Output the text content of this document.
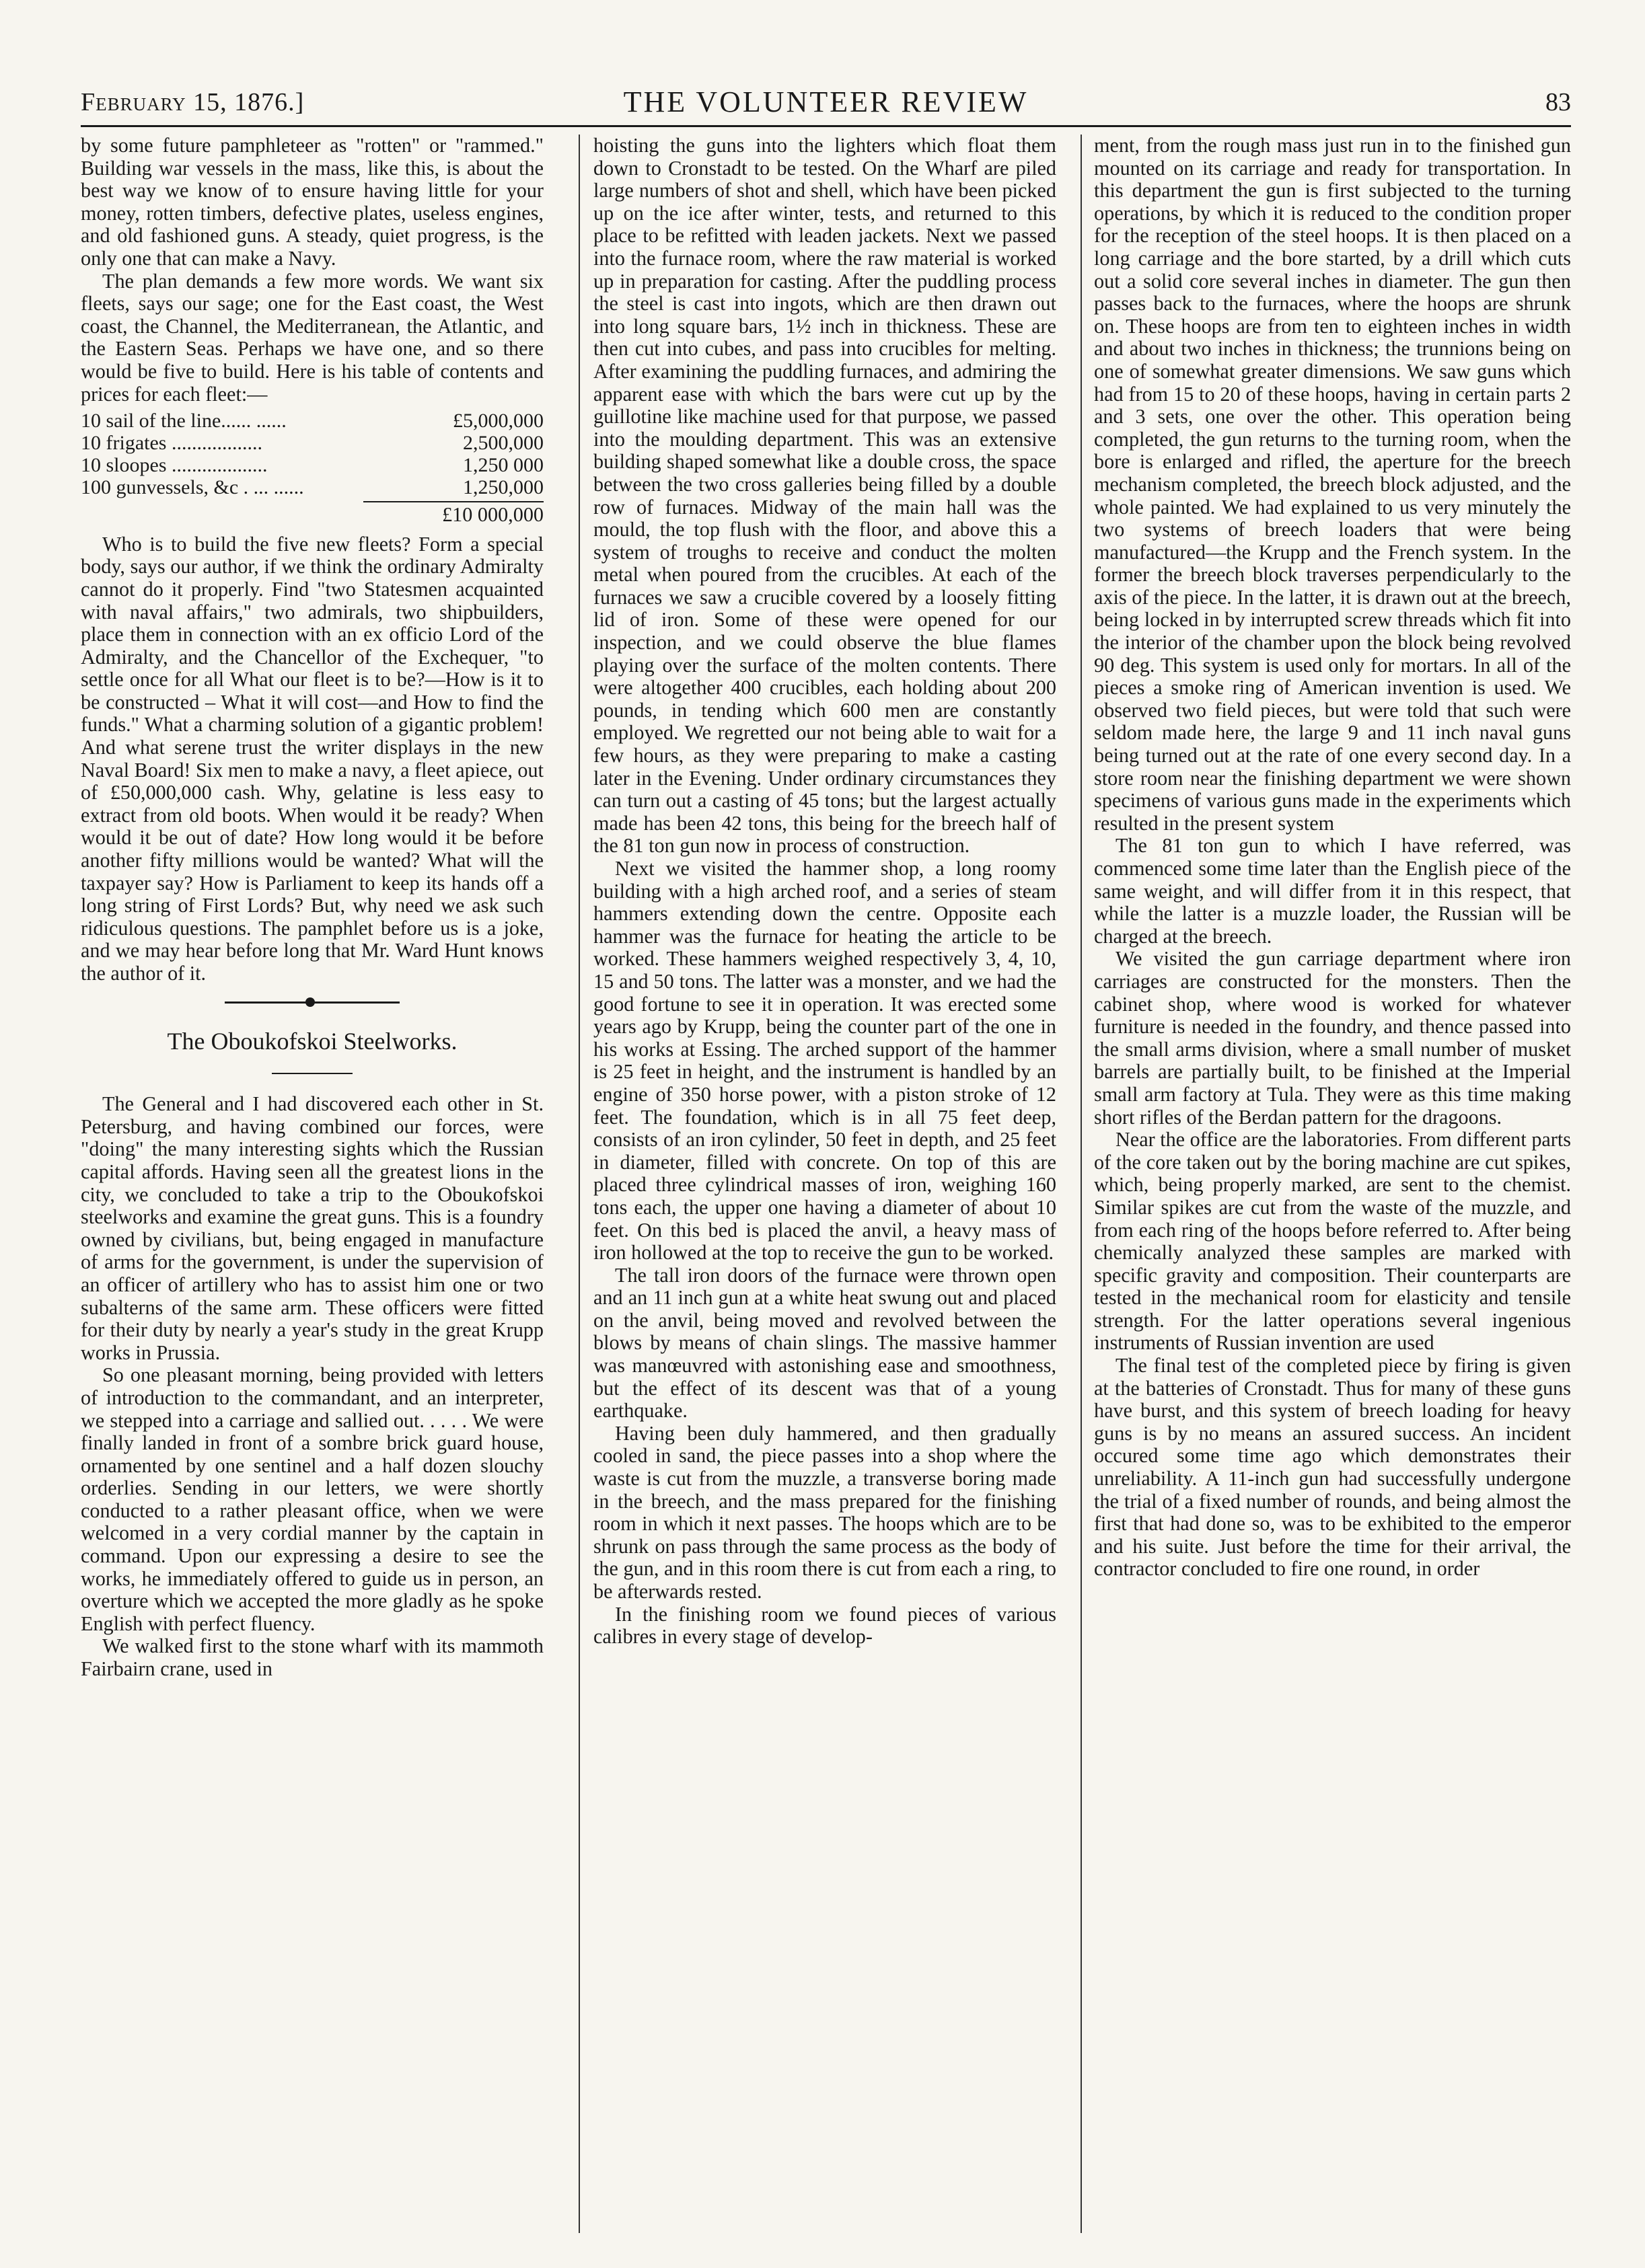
February 15, 1876.]	THE VOLUNTEER REVIEW	83

by some future pamphleteer as "rotten" or "rammed." Building war vessels in the mass, like this, is about the best way we know of to ensure having little for your money, rotten timbers, defective plates, useless engines, and old fashioned guns. A steady, quiet progress, is the only one that can make a Navy.

The plan demands a few more words. We want six fleets, says our sage; one for the East coast, the West coast, the Channel, the Mediterranean, the Atlantic, and the Eastern Seas. Perhaps we have one, and so there would be five to build. Here is his table of contents and prices for each fleet:—

10 sail of the line...... ......	£5,000,000
10 frigates ..................	2,500,000
10 sloopes ...................	1,250 000
100 gunvessels, &c . ... ......	1,250,000
£10 000,000

Who is to build the five new fleets? Form a special body, says our author, if we think the ordinary Admiralty cannot do it properly. Find "two Statesmen acquainted with naval affairs," two admirals, two shipbuilders, place them in connection with an ex officio Lord of the Admiralty, and the Chancellor of the Exchequer, "to settle once for all What our fleet is to be?—How is it to be constructed – What it will cost—and How to find the funds." What a charming solution of a gigantic problem! And what serene trust the writer displays in the new Naval Board! Six men to make a navy, a fleet apiece, out of £50,000,000 cash. Why, gelatine is less easy to extract from old boots. When would it be ready? When would it be out of date? How long would it be before another fifty millions would be wanted? What will the taxpayer say? How is Parliament to keep its hands off a long string of First Lords? But, why need we ask such ridiculous questions. The pamphlet before us is a joke, and we may hear before long that Mr. Ward Hunt knows the author of it.

The Oboukofskoi Steelworks.

The General and I had discovered each other in St. Petersburg, and having combined our forces, were "doing" the many interesting sights which the Russian capital affords. Having seen all the greatest lions in the city, we concluded to take a trip to the Oboukofskoi steelworks and examine the great guns. This is a foundry owned by civilians, but, being engaged in manufacture of arms for the government, is under the supervision of an officer of artillery who has to assist him one or two subalterns of the same arm. These officers were fitted for their duty by nearly a year's study in the great Krupp works in Prussia.

So one pleasant morning, being provided with letters of introduction to the commandant, and an interpreter, we stepped into a carriage and sallied out. . . . . We were finally landed in front of a sombre brick guard house, ornamented by one sentinel and a half dozen slouchy orderlies. Sending in our letters, we were shortly conducted to a rather pleasant office, when we were welcomed in a very cordial manner by the captain in command. Upon our expressing a desire to see the works, he immediately offered to guide us in person, an overture which we accepted the more gladly as he spoke English with perfect fluency.

We walked first to the stone wharf with its mammoth Fairbairn crane, used in

hoisting the guns into the lighters which float them down to Cronstadt to be tested. On the Wharf are piled large numbers of shot and shell, which have been picked up on the ice after winter, tests, and returned to this place to be refitted with leaden jackets. Next we passed into the furnace room, where the raw material is worked up in preparation for casting. After the puddling process the steel is cast into ingots, which are then drawn out into long square bars, 1½ inch in thickness. These are then cut into cubes, and pass into crucibles for melting. After examining the puddling furnaces, and admiring the apparent ease with which the bars were cut up by the guillotine like machine used for that purpose, we passed into the moulding department. This was an extensive building shaped somewhat like a double cross, the space between the two cross galleries being filled by a double row of furnaces. Midway of the main hall was the mould, the top flush with the floor, and above this a system of troughs to receive and conduct the molten metal when poured from the crucibles. At each of the furnaces we saw a crucible covered by a loosely fitting lid of iron. Some of these were opened for our inspection, and we could observe the blue flames playing over the surface of the molten contents. There were altogether 400 crucibles, each holding about 200 pounds, in tending which 600 men are constantly employed. We regretted our not being able to wait for a few hours, as they were preparing to make a casting later in the Evening. Under ordinary circumstances they can turn out a casting of 45 tons; but the largest actually made has been 42 tons, this being for the breech half of the 81 ton gun now in process of construction.

Next we visited the hammer shop, a long roomy building with a high arched roof, and a series of steam hammers extending down the centre. Opposite each hammer was the furnace for heating the article to be worked. These hammers weighed respectively 3, 4, 10, 15 and 50 tons. The latter was a monster, and we had the good fortune to see it in operation. It was erected some years ago by Krupp, being the counter part of the one in his works at Essing. The arched support of the hammer is 25 feet in height, and the instrument is handled by an engine of 350 horse power, with a piston stroke of 12 feet. The foundation, which is in all 75 feet deep, consists of an iron cylinder, 50 feet in depth, and 25 feet in diameter, filled with concrete. On top of this are placed three cylindrical masses of iron, weighing 160 tons each, the upper one having a diameter of about 10 feet. On this bed is placed the anvil, a heavy mass of iron hollowed at the top to receive the gun to be worked.

The tall iron doors of the furnace were thrown open and an 11 inch gun at a white heat swung out and placed on the anvil, being moved and revolved between the blows by means of chain slings. The massive hammer was manœuvred with astonishing ease and smoothness, but the effect of its descent was that of a young earthquake.

Having been duly hammered, and then gradually cooled in sand, the piece passes into a shop where the waste is cut from the muzzle, a transverse boring made in the breech, and the mass prepared for the finishing room in which it next passes. The hoops which are to be shrunk on pass through the same process as the body of the gun, and in this room there is cut from each a ring, to be afterwards rested.

In the finishing room we found pieces of various calibres in every stage of develop-

ment, from the rough mass just run in to the finished gun mounted on its carriage and ready for transportation. In this department the gun is first subjected to the turning operations, by which it is reduced to the condition proper for the reception of the steel hoops. It is then placed on a long carriage and the bore started, by a drill which cuts out a solid core several inches in diameter. The gun then passes back to the furnaces, where the hoops are shrunk on. These hoops are from ten to eighteen inches in width and about two inches in thickness; the trunnions being on one of somewhat greater dimensions. We saw guns which had from 15 to 20 of these hoops, having in certain parts 2 and 3 sets, one over the other. This operation being completed, the gun returns to the turning room, when the bore is enlarged and rifled, the aperture for the breech mechanism completed, the breech block adjusted, and the whole painted. We had explained to us very minutely the two systems of breech loaders that were being manufactured—the Krupp and the French system. In the former the breech block traverses perpendicularly to the axis of the piece. In the latter, it is drawn out at the breech, being locked in by interrupted screw threads which fit into the interior of the chamber upon the block being revolved 90 deg. This system is used only for mortars. In all of the pieces a smoke ring of American invention is used. We observed two field pieces, but were told that such were seldom made here, the large 9 and 11 inch naval guns being turned out at the rate of one every second day. In a store room near the finishing department we were shown specimens of various guns made in the experiments which resulted in the present system

The 81 ton gun to which I have referred, was commenced some time later than the English piece of the same weight, and will differ from it in this respect, that while the latter is a muzzle loader, the Russian will be charged at the breech.

We visited the gun carriage department where iron carriages are constructed for the monsters. Then the cabinet shop, where wood is worked for whatever furniture is needed in the foundry, and thence passed into the small arms division, where a small number of musket barrels are partially built, to be finished at the Imperial small arm factory at Tula. They were as this time making short rifles of the Berdan pattern for the dragoons.

Near the office are the laboratories. From different parts of the core taken out by the boring machine are cut spikes, which, being properly marked, are sent to the chemist. Similar spikes are cut from the waste of the muzzle, and from each ring of the hoops before referred to. After being chemically analyzed these samples are marked with specific gravity and composition. Their counterparts are tested in the mechanical room for elasticity and tensile strength. For the latter operations several ingenious instruments of Russian invention are used

The final test of the completed piece by firing is given at the batteries of Cronstadt. Thus for many of these guns have burst, and this system of breech loading for heavy guns is by no means an assured success. An incident occured some time ago which demonstrates their unreliability. A 11-inch gun had successfully undergone the trial of a fixed number of rounds, and being almost the first that had done so, was to be exhibited to the emperor and his suite. Just before the time for their arrival, the contractor concluded to fire one round, in order
